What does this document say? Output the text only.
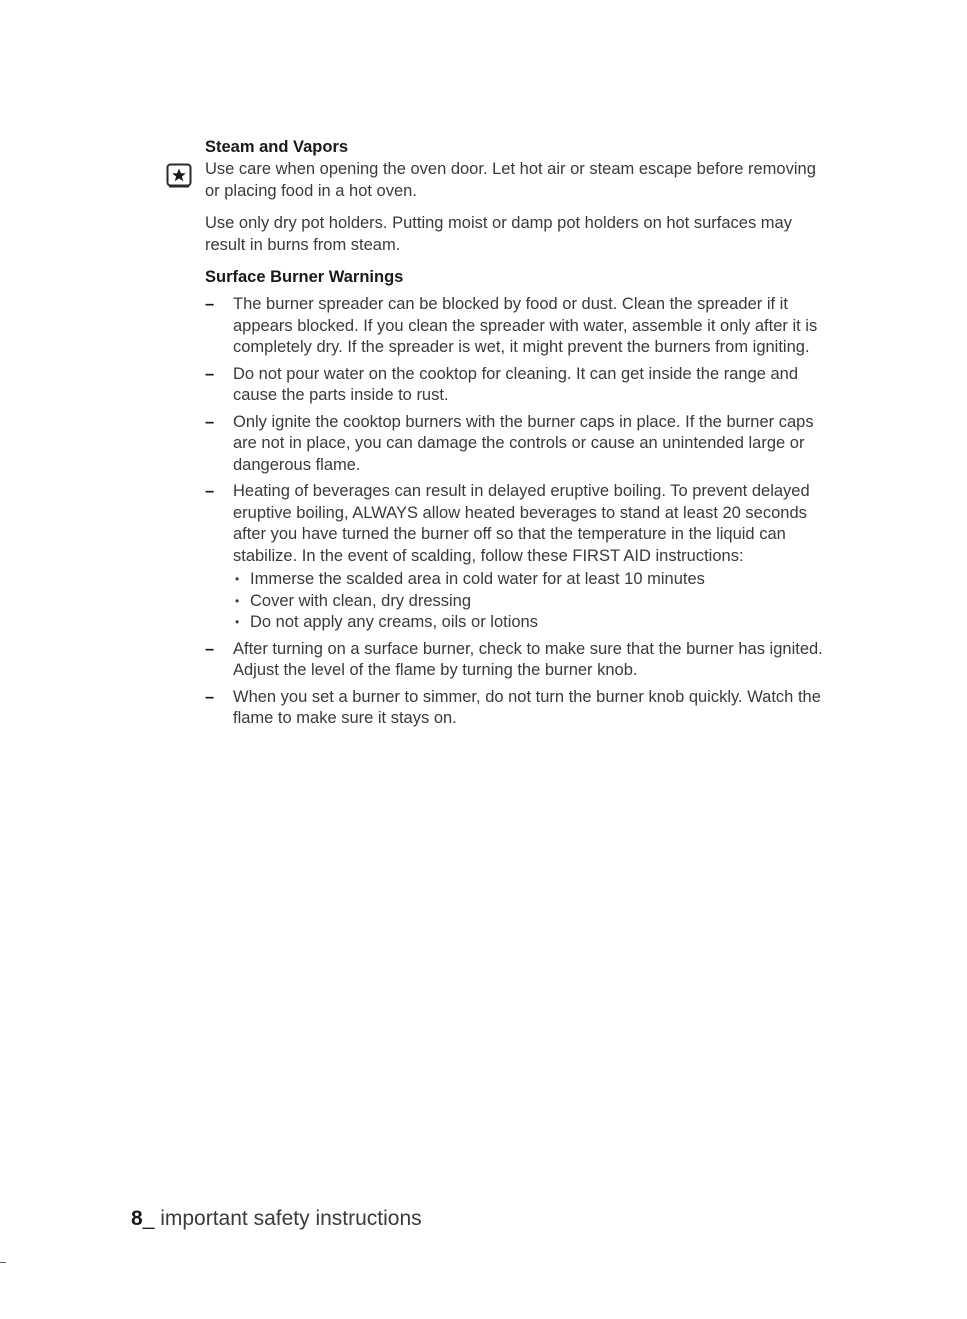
Steam and Vapors

Use care when opening the oven door. Let hot air or steam escape before removing or placing food in a hot oven.

Use only dry pot holders. Putting moist or damp pot holders on hot surfaces may result in burns from steam.

Surface Burner Warnings
– The burner spreader can be blocked by food or dust. Clean the spreader if it appears blocked. If you clean the spreader with water, assemble it only after it is completely dry. If the spreader is wet, it might prevent the burners from igniting.
– Do not pour water on the cooktop for cleaning. It can get inside the range and cause the parts inside to rust.
– Only ignite the cooktop burners with the burner caps in place. If the burner caps are not in place, you can damage the controls or cause an unintended large or dangerous flame.
– Heating of beverages can result in delayed eruptive boiling. To prevent delayed eruptive boiling, ALWAYS allow heated beverages to stand at least 20 seconds after you have turned the burner off so that the temperature in the liquid can stabilize. In the event of scalding, follow these FIRST AID instructions:
• Immerse the scalded area in cold water for at least 10 minutes
• Cover with clean, dry dressing
• Do not apply any creams, oils or lotions
– After turning on a surface burner, check to make sure that the burner has ignited. Adjust the level of the flame by turning the burner knob.
– When you set a burner to simmer, do not turn the burner knob quickly. Watch the flame to make sure it stays on.
8_ important safety instructions
